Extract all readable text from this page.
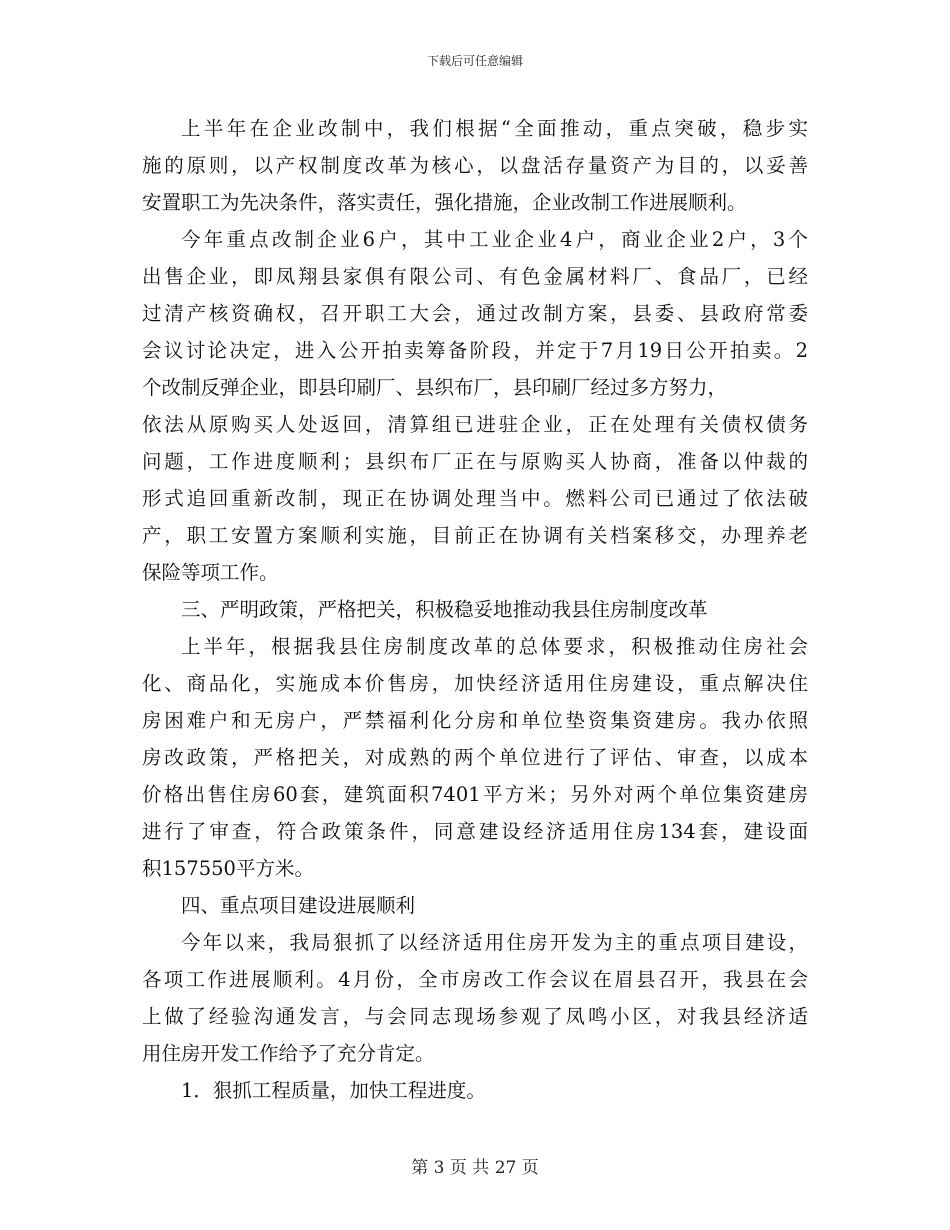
下载后可任意编辑
上半年在企业改制中，我们根据“全面推动，重点突破，稳步实
施的原则，以产权制度改革为核心，以盘活存量资产为目的，以妥善
安置职工为先决条件，落实责任，强化措施，企业改制工作进展顺利。
今年重点改制企业6户，其中工业企业4户，商业企业2户，3个
出售企业，即凤翔县家俱有限公司、有色金属材料厂、食品厂，已经
过清产核资确权，召开职工大会，通过改制方案，县委、县政府常委
会议讨论决定，进入公开拍卖筹备阶段，并定于7月19日公开拍卖。2
个改制反弹企业，即县印刷厂、县织布厂，县印刷厂经过多方努力，
依法从原购买人处返回，清算组已进驻企业，正在处理有关债权债务
问题，工作进度顺利；县织布厂正在与原购买人协商，准备以仲裁的
形式追回重新改制，现正在协调处理当中。燃料公司已通过了依法破
产，职工安置方案顺利实施，目前正在协调有关档案移交，办理养老
保险等项工作。
三、严明政策，严格把关，积极稳妥地推动我县住房制度改革
上半年，根据我县住房制度改革的总体要求，积极推动住房社会
化、商品化，实施成本价售房，加快经济适用住房建设，重点解决住
房困难户和无房户，严禁福利化分房和单位垫资集资建房。我办依照
房改政策，严格把关，对成熟的两个单位进行了评估、审查，以成本
价格出售住房60套，建筑面积7401平方米；另外对两个单位集资建房
进行了审查，符合政策条件，同意建设经济适用住房134套，建设面
积157550平方米。
四、重点项目建设进展顺利
今年以来，我局狠抓了以经济适用住房开发为主的重点项目建设，
各项工作进展顺利。4月份，全市房改工作会议在眉县召开，我县在会
上做了经验沟通发言，与会同志现场参观了凤鸣小区，对我县经济适
用住房开发工作给予了充分肯定。
1．狠抓工程质量，加快工程进度。
第 3 页 共 27 页
